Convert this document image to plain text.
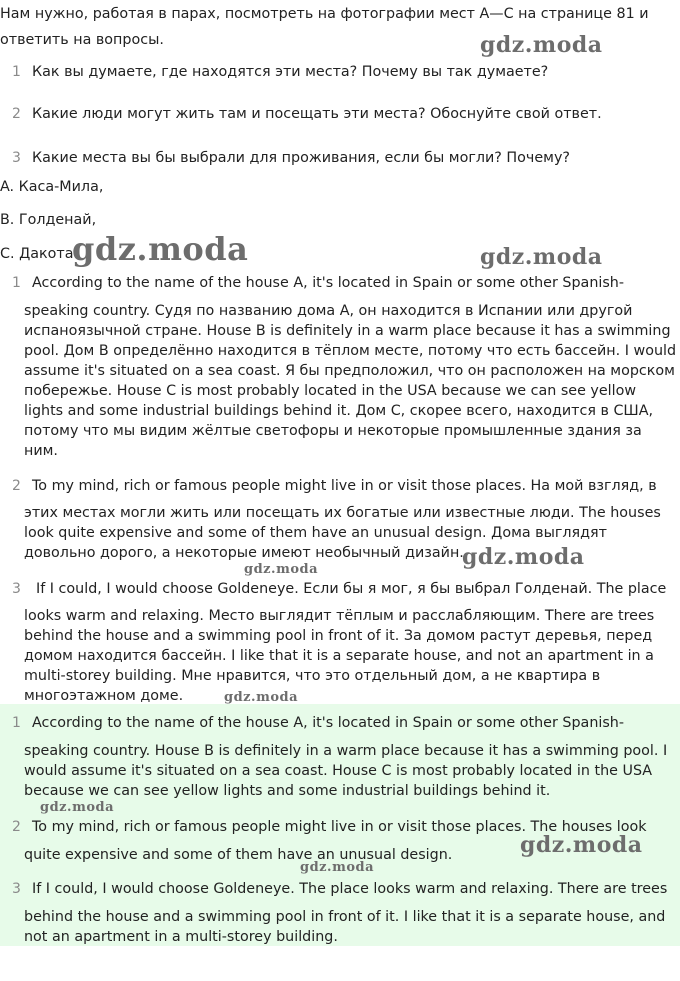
Нам нужно, работая в парах, посмотреть на фотографии мест А—С на странице 81 и
ответить на вопросы.
1 Как вы думаете, где находятся эти места? Почему вы так думаете?
2 Какие люди могут жить там и посещать эти места? Обоснуйте свой ответ.
3 Какие места вы бы выбрали для проживания, если бы могли? Почему?
A. Каса-Мила,
B. Голденай,
C. Дакота.
1 According to the name of the house A, it's located in Spain or some other Spanish-
speaking country. Судя по названию дома А, он находится в Испании или другой испаноязычной стране. House B is definitely in a warm place because it has a swimming pool. Дом В определённо находится в тёплом месте, потому что есть бассейн. I would assume it's situated on a sea coast. Я бы предположил, что он расположен на морском побережье. House C is most probably located in the USA because we can see yellow lights and some industrial buildings behind it. Дом С, скорее всего, находится в США, потому что мы видим жёлтые светофоры и некоторые промышленные здания за ним.
2 To my mind, rich or famous people might live in or visit those places. На мой взгляд, в
этих местах могли жить или посещать их богатые или известные люди. The houses look quite expensive and some of them have an unusual design. Дома выглядят довольно дорого, а некоторые имеют необычный дизайн.
3 If I could, I would choose Goldeneye. Если бы я мог, я бы выбрал Голденай. The place
looks warm and relaxing. Место выглядит тёплым и расслабляющим. There are trees behind the house and a swimming pool in front of it. За домом растут деревья, перед домом находится бассейн. I like that it is a separate house, and not an apartment in a multi-storey building. Мне нравится, что это отдельный дом, а не квартира в многоэтажном доме.
1 According to the name of the house A, it's located in Spain or some other Spanish-
speaking country. House B is definitely in a warm place because it has a swimming pool. I would assume it's situated on a sea coast. House C is most probably located in the USA because we can see yellow lights and some industrial buildings behind it.
2 To my mind, rich or famous people might live in or visit those places. The houses look
quite expensive and some of them have an unusual design.
3 If I could, I would choose Goldeneye. The place looks warm and relaxing. There are trees
behind the house and a swimming pool in front of it. I like that it is a separate house, and not an apartment in a multi-storey building.
gdz.moda
gdz.moda	gdz.moda
gdz.moda
gdz.moda
gdz.moda
gdz.moda
gdz.moda
gdz.moda
